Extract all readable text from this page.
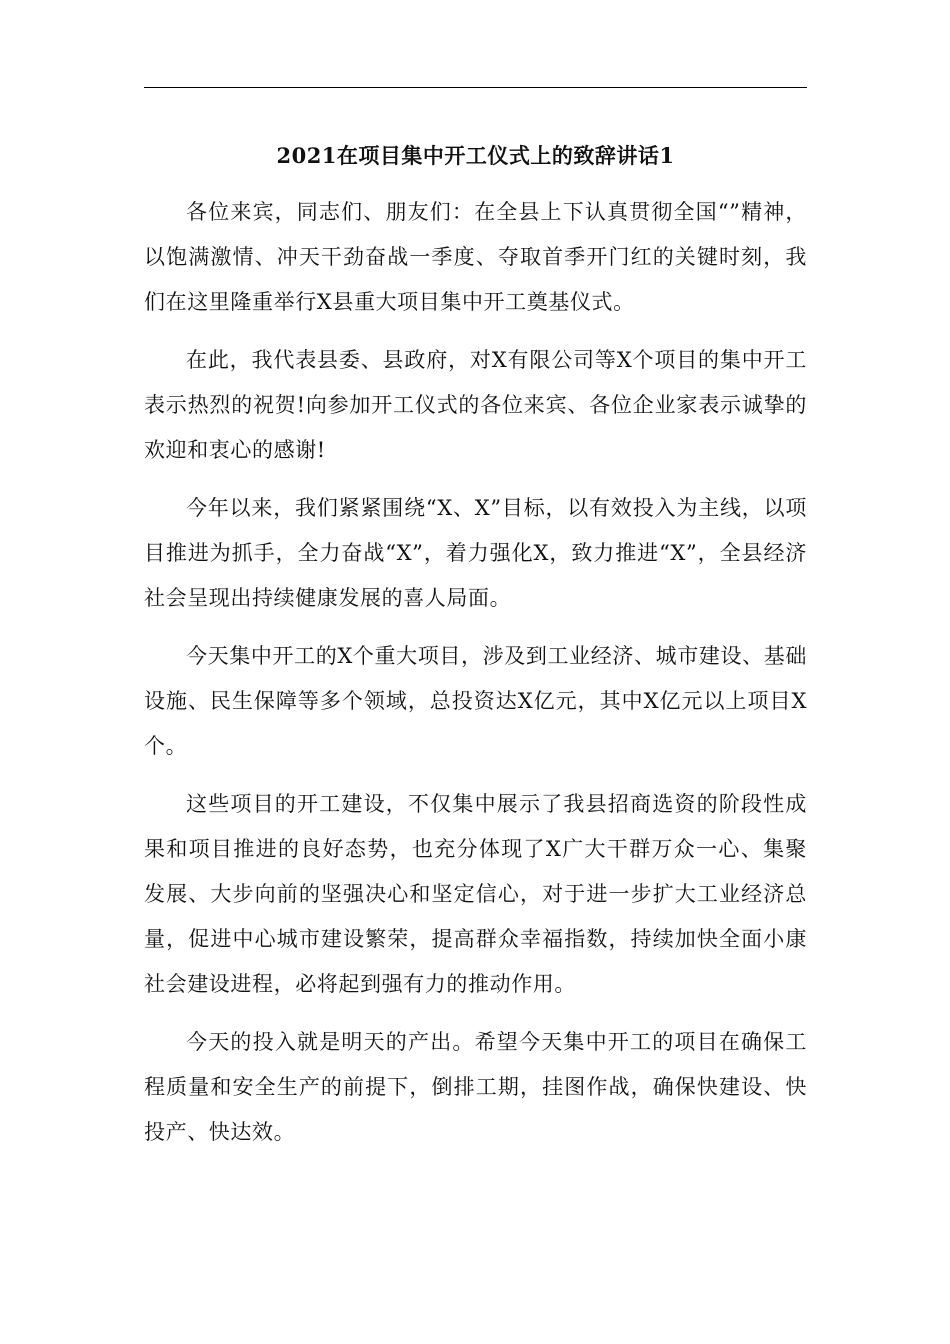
2021在项目集中开工仪式上的致辞讲话1

各位来宾，同志们、朋友们：在全县上下认真贯彻全国“”精神，以饱满激情、冲天干劲奋战一季度、夺取首季开门红的关键时刻，我们在这里隆重举行X县重大项目集中开工奠基仪式。

在此，我代表县委、县政府，对X有限公司等X个项目的集中开工表示热烈的祝贺!向参加开工仪式的各位来宾、各位企业家表示诚挚的欢迎和衷心的感谢!

今年以来，我们紧紧围绕“X、X”目标，以有效投入为主线，以项目推进为抓手，全力奋战“X”，着力强化X，致力推进“X”，全县经济社会呈现出持续健康发展的喜人局面。

今天集中开工的X个重大项目，涉及到工业经济、城市建设、基础设施、民生保障等多个领域，总投资达X亿元，其中X亿元以上项目X个。

这些项目的开工建设，不仅集中展示了我县招商选资的阶段性成果和项目推进的良好态势，也充分体现了X广大干群万众一心、集聚发展、大步向前的坚强决心和坚定信心，对于进一步扩大工业经济总量，促进中心城市建设繁荣，提高群众幸福指数，持续加快全面小康社会建设进程，必将起到强有力的推动作用。

今天的投入就是明天的产出。希望今天集中开工的项目在确保工程质量和安全生产的前提下，倒排工期，挂图作战，确保快建设、快投产、快达效。
